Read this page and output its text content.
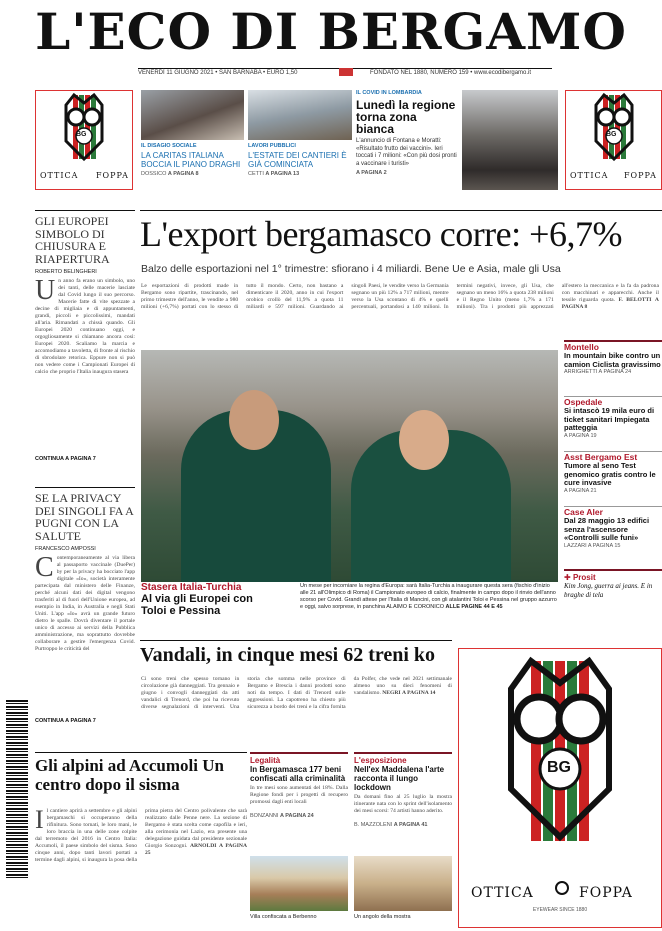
L'ECO DI BERGAMO
VENERDÌ 11 GIUGNO 2021 • SAN BARNABA • EURO 1,50	FONDATO NEL 1880, NUMERO 159 • www.ecodibergamo.it
BG
OTTICA FOPPA
BG
OTTICA FOPPA
IL DISAGIO SOCIALE
LA CARITAS ITALIANA BOCCIA IL PIANO DRAGHI
DOSSICO A PAGINA 8
LAVORI PUBBLICI
L'ESTATE DEI CANTIERI È GIÀ COMINCIATA
CETTI A PAGINA 13
IL COVID IN LOMBARDIA
Lunedì la regione torna zona bianca
L'annuncio di Fontana e Moratti: «Risultato frutto dei vaccini». Ieri toccati i 7 milioni: «Con più dosi pronti a vaccinare i turisti»
A PAGINA 2
GLI EUROPEI SIMBOLO DI CHIUSURA E RIAPERTURA
ROBERTO BELINGHERI
Un anno fa erano un simbolo, uno dei tanti, delle macerie lasciate dal Covid lungo il suo percorso. Macerie fatte di vite spezzate a decine di migliaia e di appuntamenti, grandi, piccoli e piccolissimi, mandati all'aria. Rimandati a chissà quando. Gli Europei 2020 continuano oggi, e orgogliosamente si chiamano ancora così: Europei 2020. Scaliamo la marcia e accomodiamo a tavoletta, di fronte al rischio di sbrodolare retorica. Eppure non si può non vedere come i Campionati Europei di calcio che proprio l'Italia inaugura stasera
CONTINUA A PAGINA 7
SE LA PRIVACY DEI SINGOLI FA A PUGNI CON LA SALUTE
FRANCESCO AMPOSSI
Contemporaneamente al via libera al passaporto vaccinale (DuePer) by per la privacy ha bocciato l'app digitale «Io», società interamente partecipata dal ministero delle Finanze, perché alcuni dati dei digital vengono trasferiti al di fuori dell'Unione europea, ad esempio in India, in Australia e negli Stati Uniti. L'app «Io» avrà un grande futuro dietro le spalle. Dovrà diventare il portale unico di accesso ai servizi della Pubblica amministrazione, ma soprattutto dovrebbe collaborare a gestire l'emergenza Covid. Purtroppo le criticità del
CONTINUA A PAGINA 7
L'export bergamasco corre: +6,7%
Balzo delle esportazioni nel 1° trimestre: sfiorano i 4 miliardi. Bene Ue e Asia, male gli Usa
Le esportazioni di prodotti made in Bergamo sono ripartite, trascinando, nel primo trimestre dell'anno, le vendite a 980 milioni (+6,7%) portati con lo stesso di tutto il mondo. Certo, non bastano a dimenticare il 2020, anno in cui l'export orobico crollò del 11,9% a quota 11 miliardi e 597 milioni. Guardando ai singoli Paesi, le vendite verso la Germania segnano un più 12% a 717 milioni, mentre verso la Usa scontano di 4% e quelli percentuali, portandosi a 140 milioni. In termini negativi, invece, gli Usa, che segnano un meno 16% a quota 238 milioni e il Regno Unito (meno 1,7% a 171 milioni). Tra i prodotti più apprezzati all'estero la meccanica e la fa da padrona con macchinari e apparecchi. Anche il tessile riguarda quota. F. BELOTTI A PAGINA 8
Stasera Italia-Turchia
Al via gli Europei con Toloi e Pessina
Un mese per incorniare la regina d'Europa: sarà Italia-Turchia a inaugurare questa sera (fischio d'inizio alle 21 all'Olimpico di Roma) il Campionato europeo di calcio, finalmente in campo dopo il rinvio dell'anno scorso per Covid. Grandi attese per l'Italia di Mancini, con gli atalantini Toloi e Pessina nel gruppo azzurro e oggi, salvo sorprese, in panchina ALAIMO E CORONICO ALLE PAGINE 44 E 45
Montello
In mountain bike contro un camion Ciclista gravissimo
ARRIGHETTI A PAGINA 24
Ospedale
Si intascò 19 mila euro di ticket sanitari Impiegata patteggia
A PAGINA 19
Asst Bergamo Est
Tumore al seno Test genomico gratis contro le cure invasive
A PAGINA 21
Case Aler
Dal 28 maggio 13 edifici senza l'ascensore «Controlli sulle funi»
LAZZARI A PAGINA 15
✚ Prosit
Kim Jong, guerra ai jeans. E in braghe di tela
Vandali, in cinque mesi 62 treni ko
Ci sono treni che spesso tornano in circolazione già danneggiati. Tra gennaio e giugno i convogli danneggiati da atti vandalici di Trenord, che poi ha ricevuto diverse segnalazioni di interventi. Una storia che somma nelle province di Bergamo e Brescia i danni prodotti sono noti da tempo. I dati di Trenord sulle aggressioni. La capotreno ha chiesto più sicurezza a bordo dei treni e la cifra fornita da Polfer, che vede nel 2021 settimanale almeno uno su dieci fenomeni di vandalismo. NEGRI A PAGINA 14
Gli alpini ad Accumoli Un centro dopo il sisma
Il cantiere aprirà a settembre e gli alpini bergamaschi si occuperanno della rifinitura. Sono tornati, le loro mani, le loro braccia in una delle zone colpite dal terremoto del 2016 in Centro Italia: Accumoli, il paese simbolo del sisma. Sono cinque anni, dopo tanti lavori portati a termine dagli alpini, si inaugura la posa della prima pietra del Centro polivalente che sarà realizzato dalle Penne nere. La sezione di Bergamo è stata scelta come capofila e ieri, alla cerimonia nel Lazio, era presente una delegazione guidata dal presidente sezionale Giorgio Sonzogni. ARNOLDI A PAGINA 25
Legalità
In Bergamasca 177 beni confiscati alla criminalità
In tre mesi sono aumentati del 18%. Dalla Regione fondi per i progetti di recupero promossi dagli enti locali
BONZANNI A PAGINA 24
Villa confiscata a Berbenno
L'esposizione
Nell'ex Maddalena l'arte racconta il lungo lockdown
Da domani fino al 25 luglio la mostra itinerante nata con lo sprint dell'isolamento dei mesi scorsi: 74 artisti hanno aderito.
B. MAZZOLENI A PAGINA 41
Un angolo della mostra
BG
OTTICA	FOPPA
EYEWEAR SINCE 1880
